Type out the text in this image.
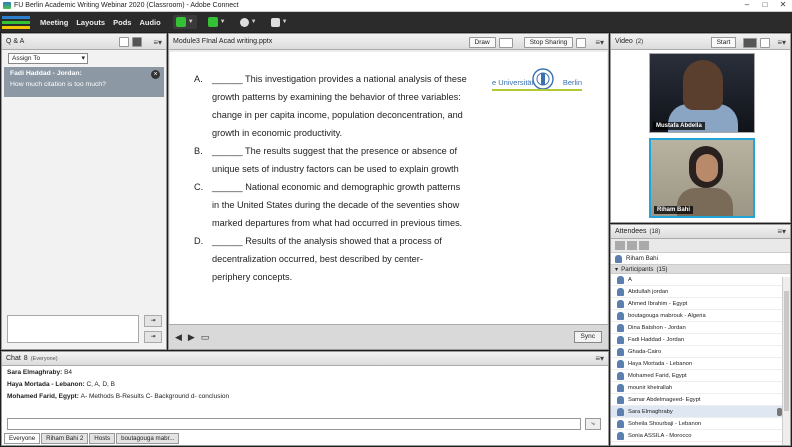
FU Berlin Academic Writing Webinar 2020 (Classroom) - Adobe Connect	–	□	✕
Meeting Layouts Pods Audio	▼	▼	▼	▼
Q & A	≡▾
Assign To ▾
Fadi Haddad - Jordan:
How much citation is too much?
×
⇥
⇥
Module3 FInal Acad writing.pptx	Draw	Stop Sharing	≡▾
e Universität	Berlin
A.	______ This investigation provides a national analysis of these
growth patterns by examining the behavior of three variables:
change in per capita income, population deconcentration, and
growth in economic productivity.
B.	______ The results suggest that the presence or absence of
unique sets of industry factors can be used to explain growth
C. ______ National economic and demographic growth patterns
in the United States during the decade of the seventies show
marked departures from what had occurred in previous times.
D. ______ Results of the analysis showed that a process of
decentralization occurred, best described by center-
periphery concepts.
◀ ▶ ▭	Sync
Video (2)	Start	≡▾
Mustafa Abdella
Riham Bahi
Attendees (18)	≡▾
Riham Bahi
▾ Participants (15)
A
Abdullah jordan
Ahmed Ibrahim - Egypt
boutagouga mabrouk - Algeria
Dina Batshon - Jordan
Fadi Haddad - Jordan
Ghada-Cairo
Haya Mortada - Lebanon
Mohamed Farid, Egypt
mounir kheirallah
Samar Abdelmageed- Egypt
Sara Elmaghraby
Soheila Shourbaji - Lebanon
Sonia ASSILA - Morocco
Chat 8 (Everyone)	≡▾
Sara Elmaghraby: B4
Haya Mortada - Lebanon: C, A, D, B
Mohamed Farid, Egypt: A- Methods B-Results C- Background d- conclusion
⤷
Everyone	Riham Bahi 2	Hosts	boutagouga mabr...
